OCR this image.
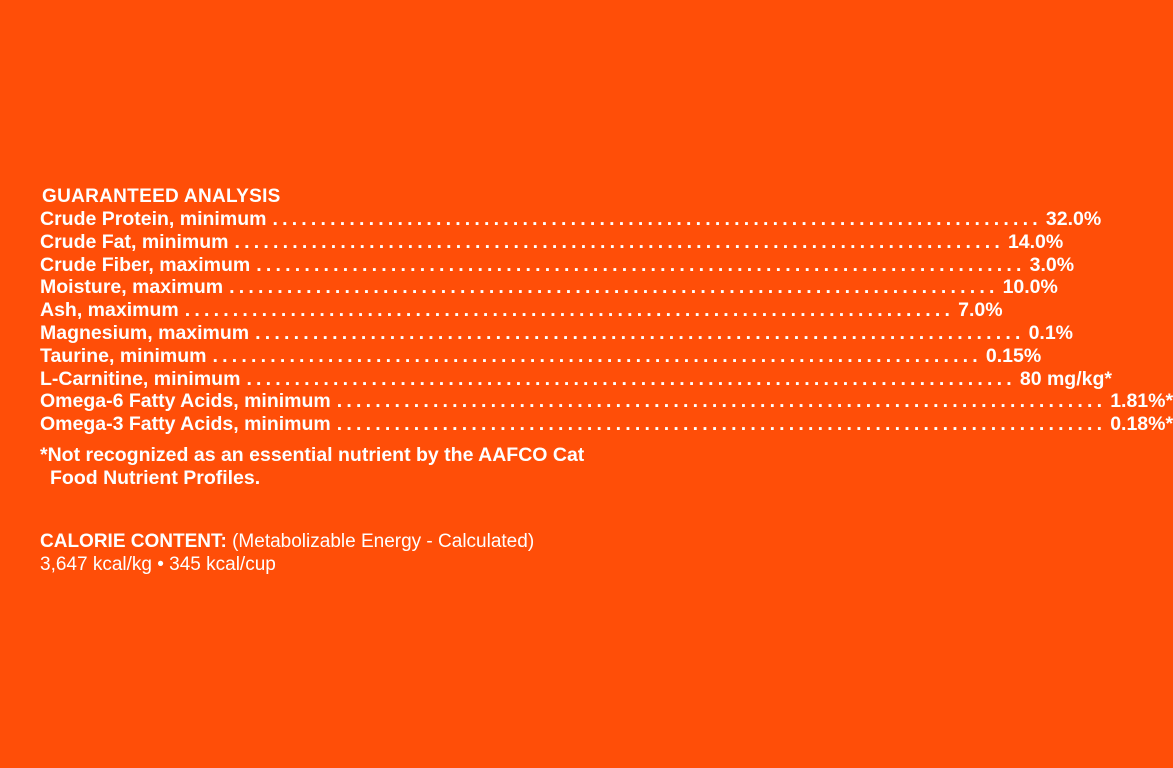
GUARANTEED ANALYSIS
Crude Protein, minimum ................................................................................ 32.0%
Crude Fat, minimum ................................................................................ 14.0%
Crude Fiber, maximum ................................................................................ 3.0%
Moisture, maximum ................................................................................ 10.0%
Ash, maximum ................................................................................ 7.0%
Magnesium, maximum ................................................................................ 0.1%
Taurine, minimum ................................................................................ 0.15%
L-Carnitine, minimum ................................................................................ 80 mg/kg*
Omega-6 Fatty Acids, minimum ................................................................................ 1.81%*
Omega-3 Fatty Acids, minimum ................................................................................ 0.18%*
*Not recognized as an essential nutrient by the AAFCO Cat
Food Nutrient Profiles.
CALORIE CONTENT: (Metabolizable Energy - Calculated)
3,647 kcal/kg • 345 kcal/cup
